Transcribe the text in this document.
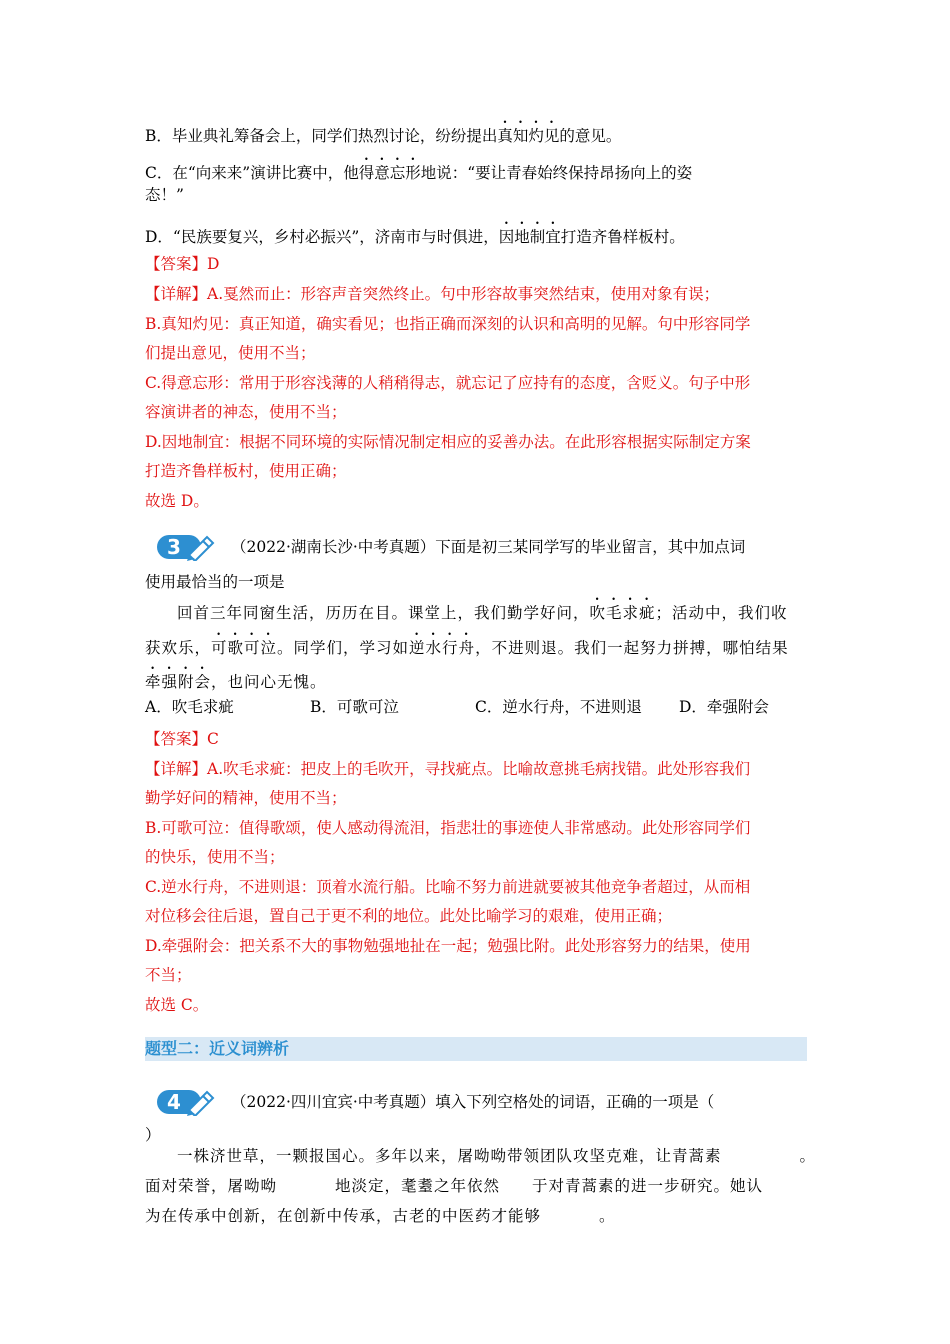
B．毕业典礼筹备会上，同学们热烈讨论，纷纷提出真知灼见的意见。
C．在“向来来”演讲比赛中，他得意忘形地说：“要让青春始终保持昂扬向上的姿
态！”
D．“民族要复兴，乡村必振兴”，济南市与时俱进，因地制宜打造齐鲁样板村。
【答案】D
【详解】A.戛然而止：形容声音突然终止。句中形容故事突然结束，使用对象有误；
B.真知灼见：真正知道，确实看见；也指正确而深刻的认识和高明的见解。句中形容同学
们提出意见，使用不当；
C.得意忘形：常用于形容浅薄的人稍稍得志，就忘记了应持有的态度，含贬义。句子中形
容演讲者的神态，使用不当；
D.因地制宜：根据不同环境的实际情况制定相应的妥善办法。在此形容根据实际制定方案
打造齐鲁样板村，使用正确；
故选 D。
3	（2022·湖南长沙·中考真题）下面是初三某同学写的毕业留言，其中加点词
使用最恰当的一项是
回首三年同窗生活，历历在目。课堂上，我们勤学好问，吹毛求疵；活动中，我们收
获欢乐，可歌可泣。同学们，学习如逆水行舟，不进则退。我们一起努力拼搏，哪怕结果
牵强附会，也问心无愧。
A．吹毛求疵	B．可歌可泣	C．逆水行舟，不进则退 D．牵强附会
【答案】C
【详解】A.吹毛求疵：把皮上的毛吹开，寻找疵点。比喻故意挑毛病找错。此处形容我们
勤学好问的精神，使用不当；
B.可歌可泣：值得歌颂，使人感动得流泪，指悲壮的事迹使人非常感动。此处形容同学们
的快乐，使用不当；
C.逆水行舟，不进则退：顶着水流行船。比喻不努力前进就要被其他竞争者超过，从而相
对位移会往后退，置自己于更不利的地位。此处比喻学习的艰难，使用正确；
D.牵强附会：把关系不大的事物勉强地扯在一起；勉强比附。此处形容努力的结果，使用
不当；
故选 C。
题型二：近义词辨析
4	（2022·四川宜宾·中考真题）填入下列空格处的词语，正确的一项是（
）
一株济世草，一颗报国心。多年以来，屠呦呦带领团队攻坚克难，让青蒿素	。
面对荣誉，屠呦呦	地淡定，耄耋之年依然 于对青蒿素的进一步研究。她认
为在传承中创新，在创新中传承，古老的中医药才能够	。
